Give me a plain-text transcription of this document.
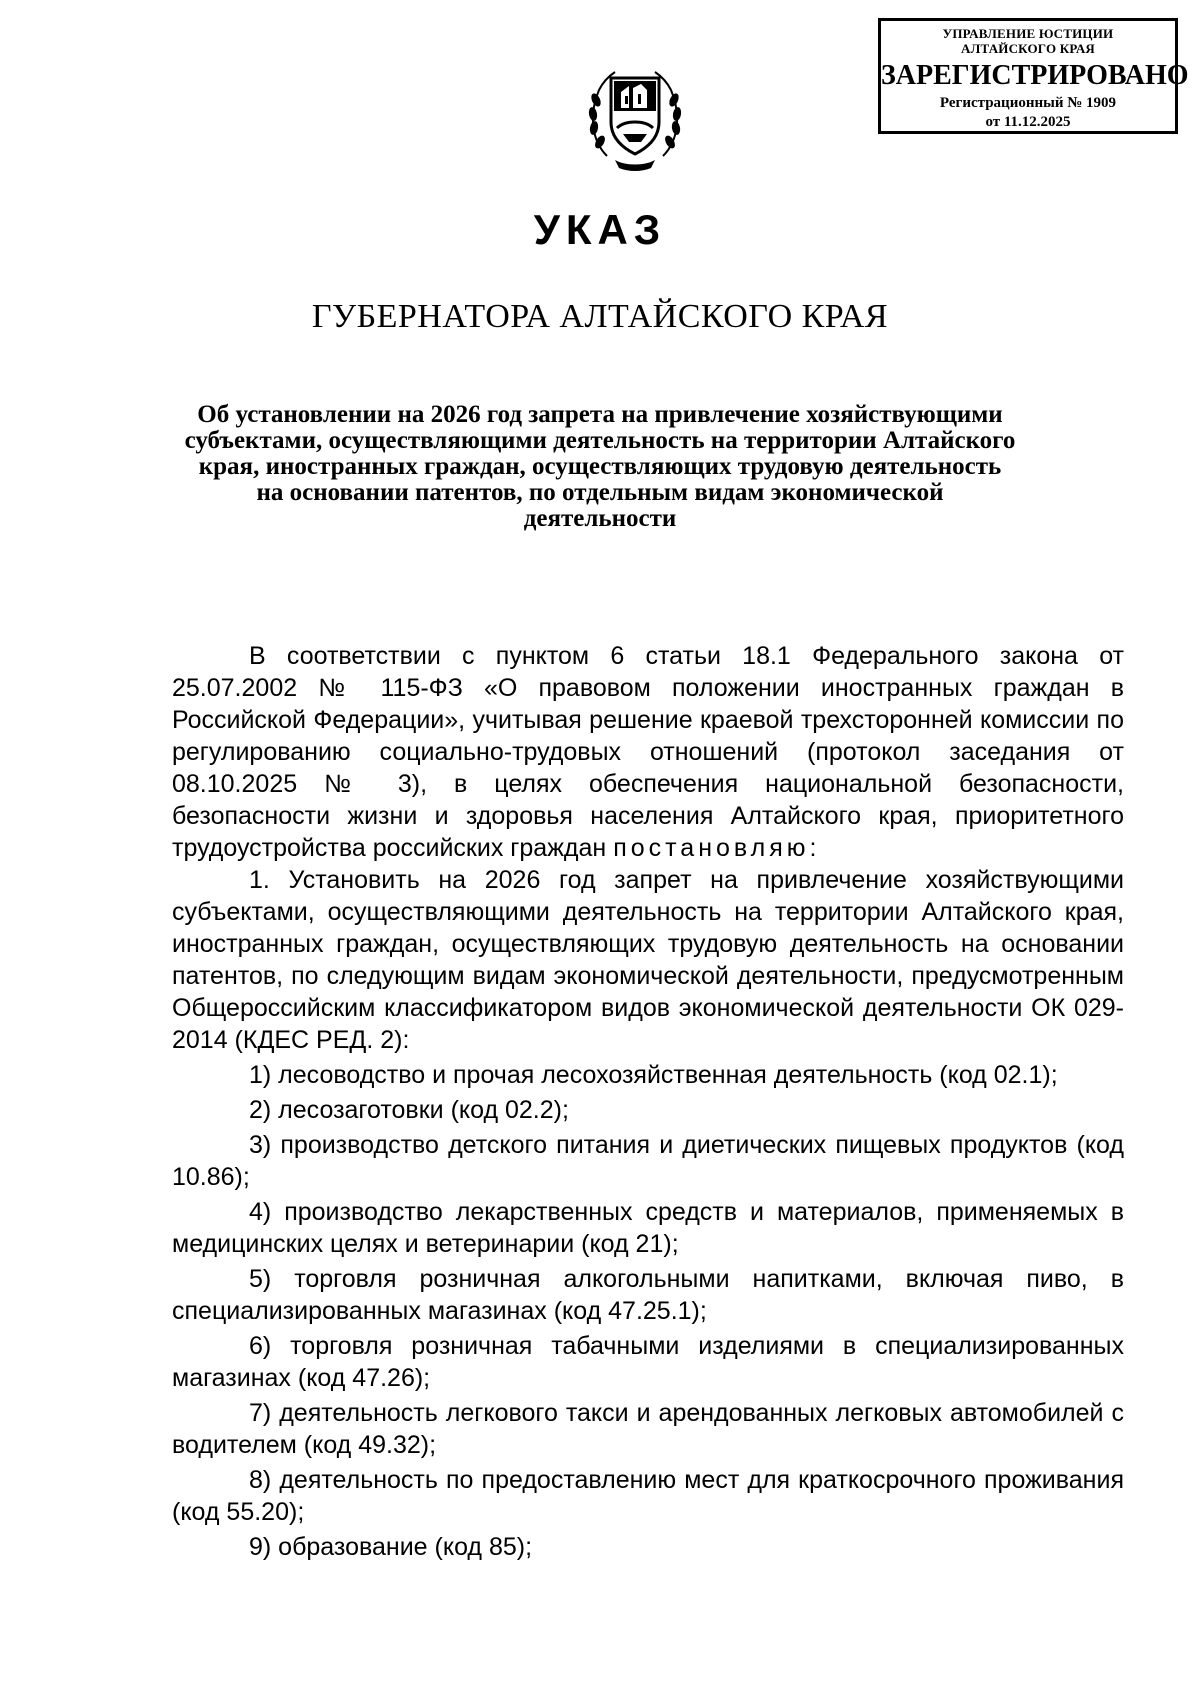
УПРАВЛЕНИЕ ЮСТИЦИИ
АЛТАЙСКОГО КРАЯ
ЗАРЕГИСТРИРОВАНО
Регистрационный № 1909
от 11.12.2025
УКАЗ
ГУБЕРНАТОРА АЛТАЙСКОГО КРАЯ
Об установлении на 2026 год запрета на привлечение хозяйствующими
субъектами, осуществляющими деятельность на территории Алтайского
края, иностранных граждан, осуществляющих трудовую деятельность
на основании патентов, по отдельным видам экономической
деятельности

В соответствии с пунктом 6 статьи 18.1 Федерального закона от 25.07.2002 № 115-ФЗ «О правовом положении иностранных граждан в Российской Федерации», учитывая решение краевой трехсторонней комиссии по регулированию социально-трудовых отношений (протокол заседания от 08.10.2025 № 3), в целях обеспечения национальной безопасности, безопасности жизни и здоровья населения Алтайского края, приоритетного трудоустройства российских граждан постановляю:

1. Установить на 2026 год запрет на привлечение хозяйствующими субъектами, осуществляющими деятельность на территории Алтайского края, иностранных граждан, осуществляющих трудовую деятельность на основании патентов, по следующим видам экономической деятельности, предусмотренным Общероссийским классификатором видов экономической деятельности ОК 029-2014 (КДЕС РЕД. 2):

1) лесоводство и прочая лесохозяйственная деятельность (код 02.1);
2) лесозаготовки (код 02.2);
3) производство детского питания и диетических пищевых продуктов (код 10.86);
4) производство лекарственных средств и материалов, применяемых в медицинских целях и ветеринарии (код 21);
5) торговля розничная алкогольными напитками, включая пиво, в специализированных магазинах (код 47.25.1);
6) торговля розничная табачными изделиями в специализированных магазинах (код 47.26);
7) деятельность легкового такси и арендованных легковых автомобилей с водителем (код 49.32);
8) деятельность по предоставлению мест для краткосрочного проживания (код 55.20);
9) образование (код 85);
